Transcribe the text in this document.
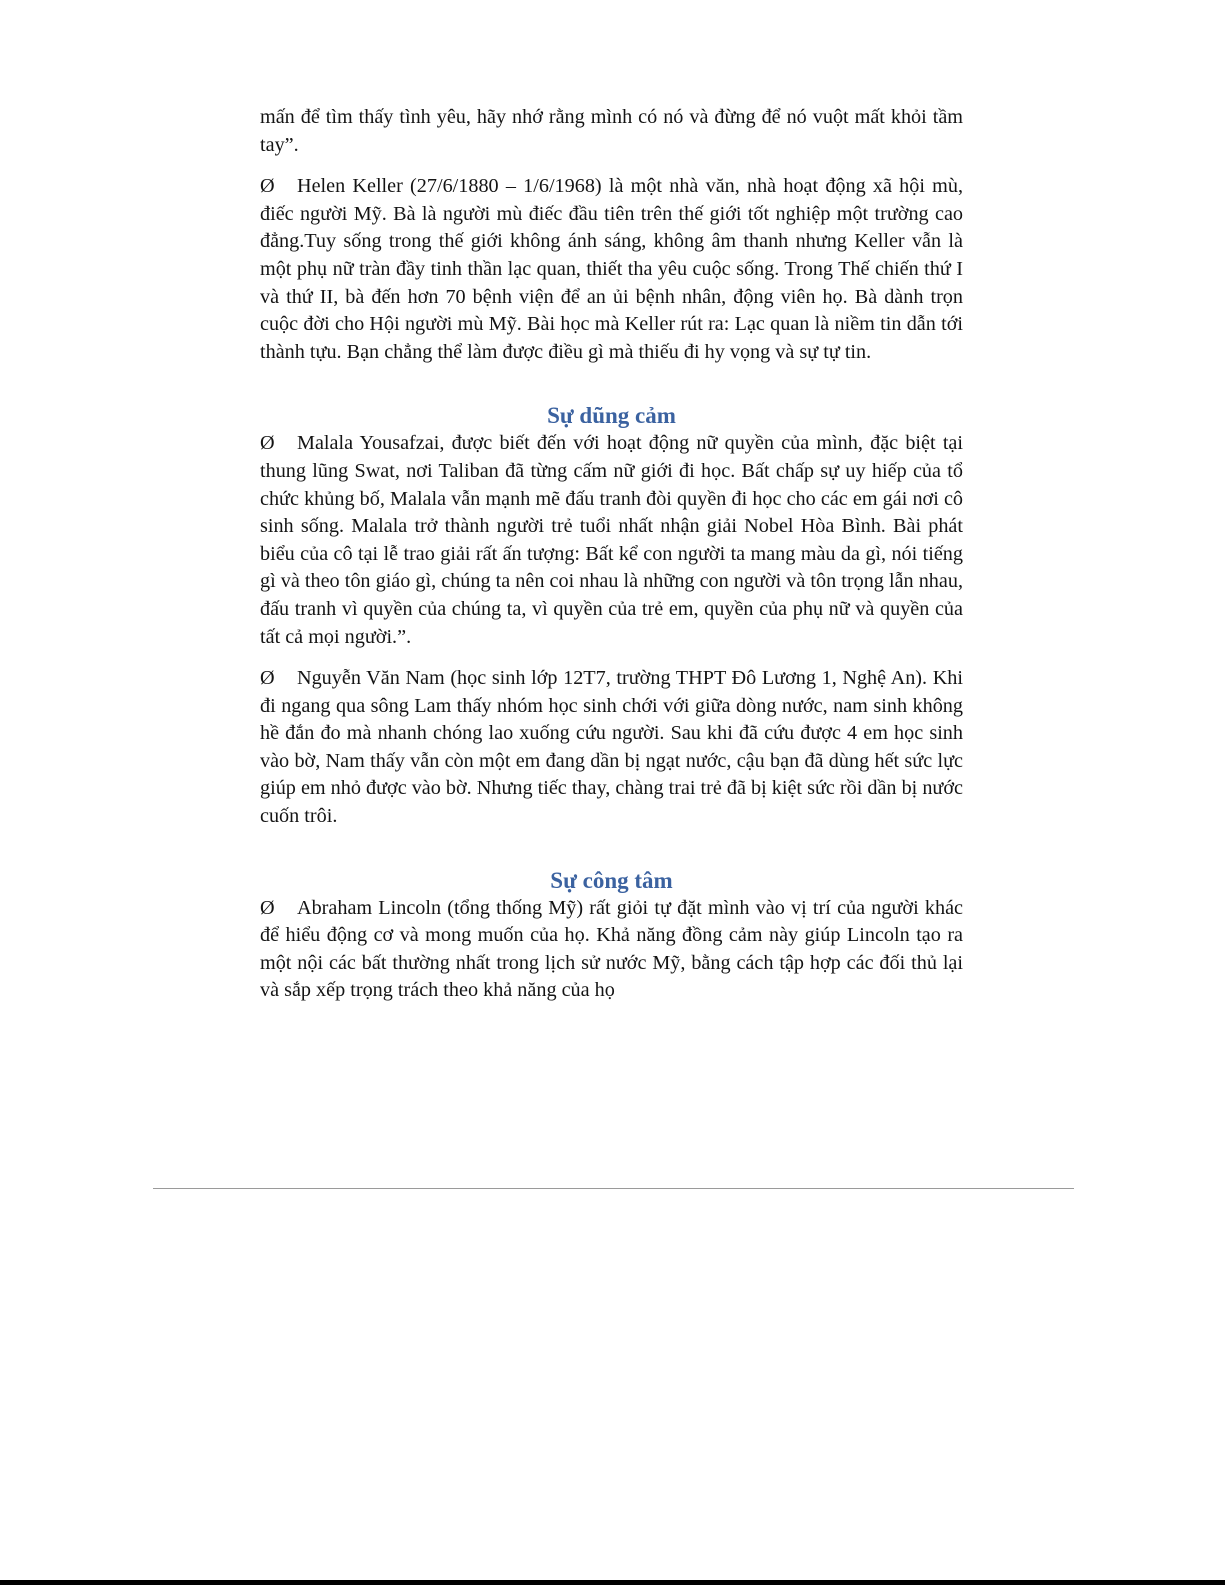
mấn để tìm thấy tình yêu, hãy nhớ rằng mình có nó và đừng để nó vuột mất khỏi tầm tay”.

Ø Helen Keller (27/6/1880 – 1/6/1968) là một nhà văn, nhà hoạt động xã hội mù, điếc người Mỹ. Bà là người mù điếc đầu tiên trên thế giới tốt nghiệp một trường cao đẳng.Tuy sống trong thế giới không ánh sáng, không âm thanh nhưng Keller vẫn là một phụ nữ tràn đầy tinh thần lạc quan, thiết tha yêu cuộc sống. Trong Thế chiến thứ I và thứ II, bà đến hơn 70 bệnh viện để an ủi bệnh nhân, động viên họ. Bà dành trọn cuộc đời cho Hội người mù Mỹ. Bài học mà Keller rút ra: Lạc quan là niềm tin dẫn tới thành tựu. Bạn chẳng thể làm được điều gì mà thiếu đi hy vọng và sự tự tin.

Sự dũng cảm

Ø Malala Yousafzai, được biết đến với hoạt động nữ quyền của mình, đặc biệt tại thung lũng Swat, nơi Taliban đã từng cấm nữ giới đi học. Bất chấp sự uy hiếp của tổ chức khủng bố, Malala vẫn mạnh mẽ đấu tranh đòi quyền đi học cho các em gái nơi cô sinh sống. Malala trở thành người trẻ tuổi nhất nhận giải Nobel Hòa Bình. Bài phát biểu của cô tại lễ trao giải rất ấn tượng: Bất kể con người ta mang màu da gì, nói tiếng gì và theo tôn giáo gì, chúng ta nên coi nhau là những con người và tôn trọng lẫn nhau, đấu tranh vì quyền của chúng ta, vì quyền của trẻ em, quyền của phụ nữ và quyền của tất cả mọi người.”.

Ø Nguyễn Văn Nam (học sinh lớp 12T7, trường THPT Đô Lương 1, Nghệ An). Khi đi ngang qua sông Lam thấy nhóm học sinh chới với giữa dòng nước, nam sinh không hề đắn đo mà nhanh chóng lao xuống cứu người. Sau khi đã cứu được 4 em học sinh vào bờ, Nam thấy vẫn còn một em đang dần bị ngạt nước, cậu bạn đã dùng hết sức lực giúp em nhỏ được vào bờ. Nhưng tiếc thay, chàng trai trẻ đã bị kiệt sức rồi dần bị nước cuốn trôi.

Sự công tâm

Ø Abraham Lincoln (tổng thống Mỹ) rất giỏi tự đặt mình vào vị trí của người khác để hiểu động cơ và mong muốn của họ. Khả năng đồng cảm này giúp Lincoln tạo ra một nội các bất thường nhất trong lịch sử nước Mỹ, bằng cách tập hợp các đối thủ lại và sắp xếp trọng trách theo khả năng của họ
